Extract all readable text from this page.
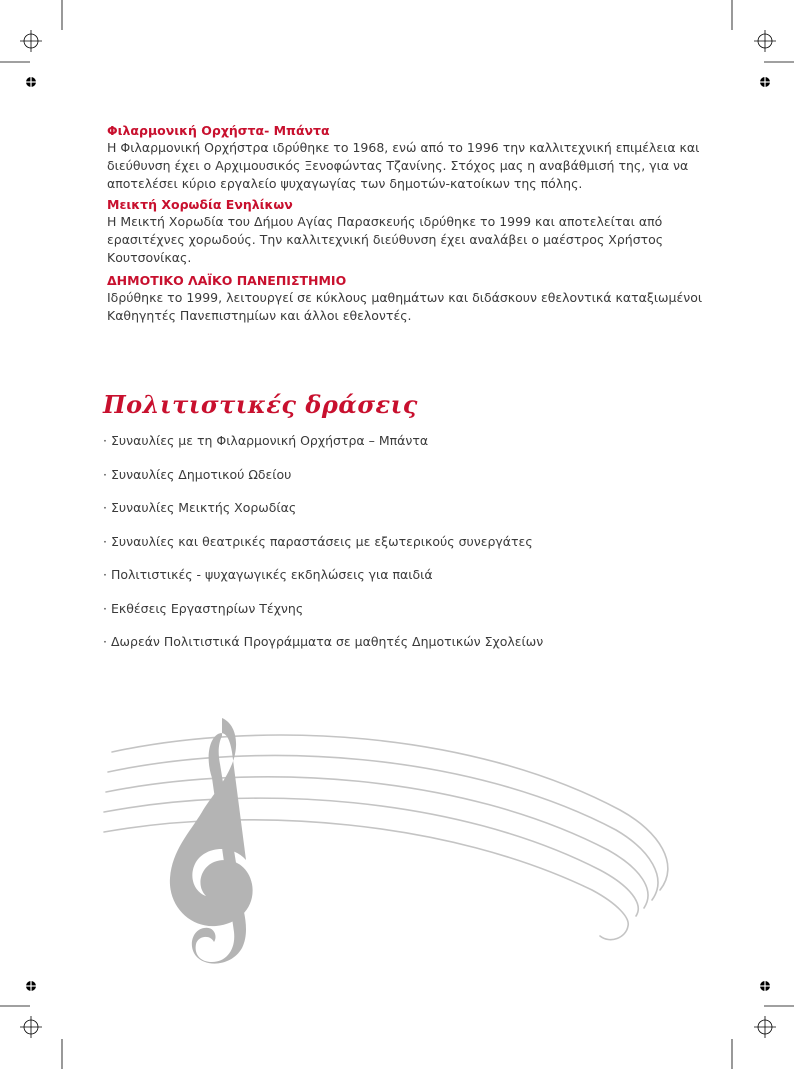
Φιλαρμονική Ορχήστα- Μπάντα

Η Φιλαρμονική Ορχήστρα ιδρύθηκε το 1968, ενώ από το 1996 την καλλιτεχνική επιμέλεια και διεύθυνση έχει ο Αρχιμουσικός Ξενοφώντας Τζανίνης. Στόχος μας η αναβάθμισή της, για να αποτελέσει κύριο εργαλείο ψυχαγωγίας των δημοτών-κατοίκων της πόλης.

Μεικτή Χορωδία Ενηλίκων

Η Μεικτή Χορωδία του Δήμου Αγίας Παρασκευής ιδρύθηκε το 1999 και αποτελείται από ερασιτέχνες χορωδούς. Την καλλιτεχνική διεύθυνση έχει αναλάβει ο μαέστρος Χρήστος Κουτσονίκας.

ΔΗΜΟΤΙΚΟ ΛΑΪΚΟ ΠΑΝΕΠΙΣΤΗΜΙΟ

Ιδρύθηκε το 1999, λειτουργεί σε κύκλους μαθημάτων και διδάσκουν εθελοντικά καταξιωμένοι Καθηγητές Πανεπιστημίων και άλλοι εθελοντές.

Πολιτιστικές δράσεις
· Συναυλίες με τη Φιλαρμονική Ορχήστρα – Μπάντα
· Συναυλίες Δημοτικού Ωδείου
· Συναυλίες Μεικτής Χορωδίας
· Συναυλίες και θεατρικές παραστάσεις με εξωτερικούς συνεργάτες
· Πολιτιστικές - ψυχαγωγικές εκδηλώσεις για παιδιά
· Εκθέσεις Εργαστηρίων Τέχνης
· Δωρεάν Πολιτιστικά Προγράμματα σε μαθητές Δημοτικών Σχολείων
